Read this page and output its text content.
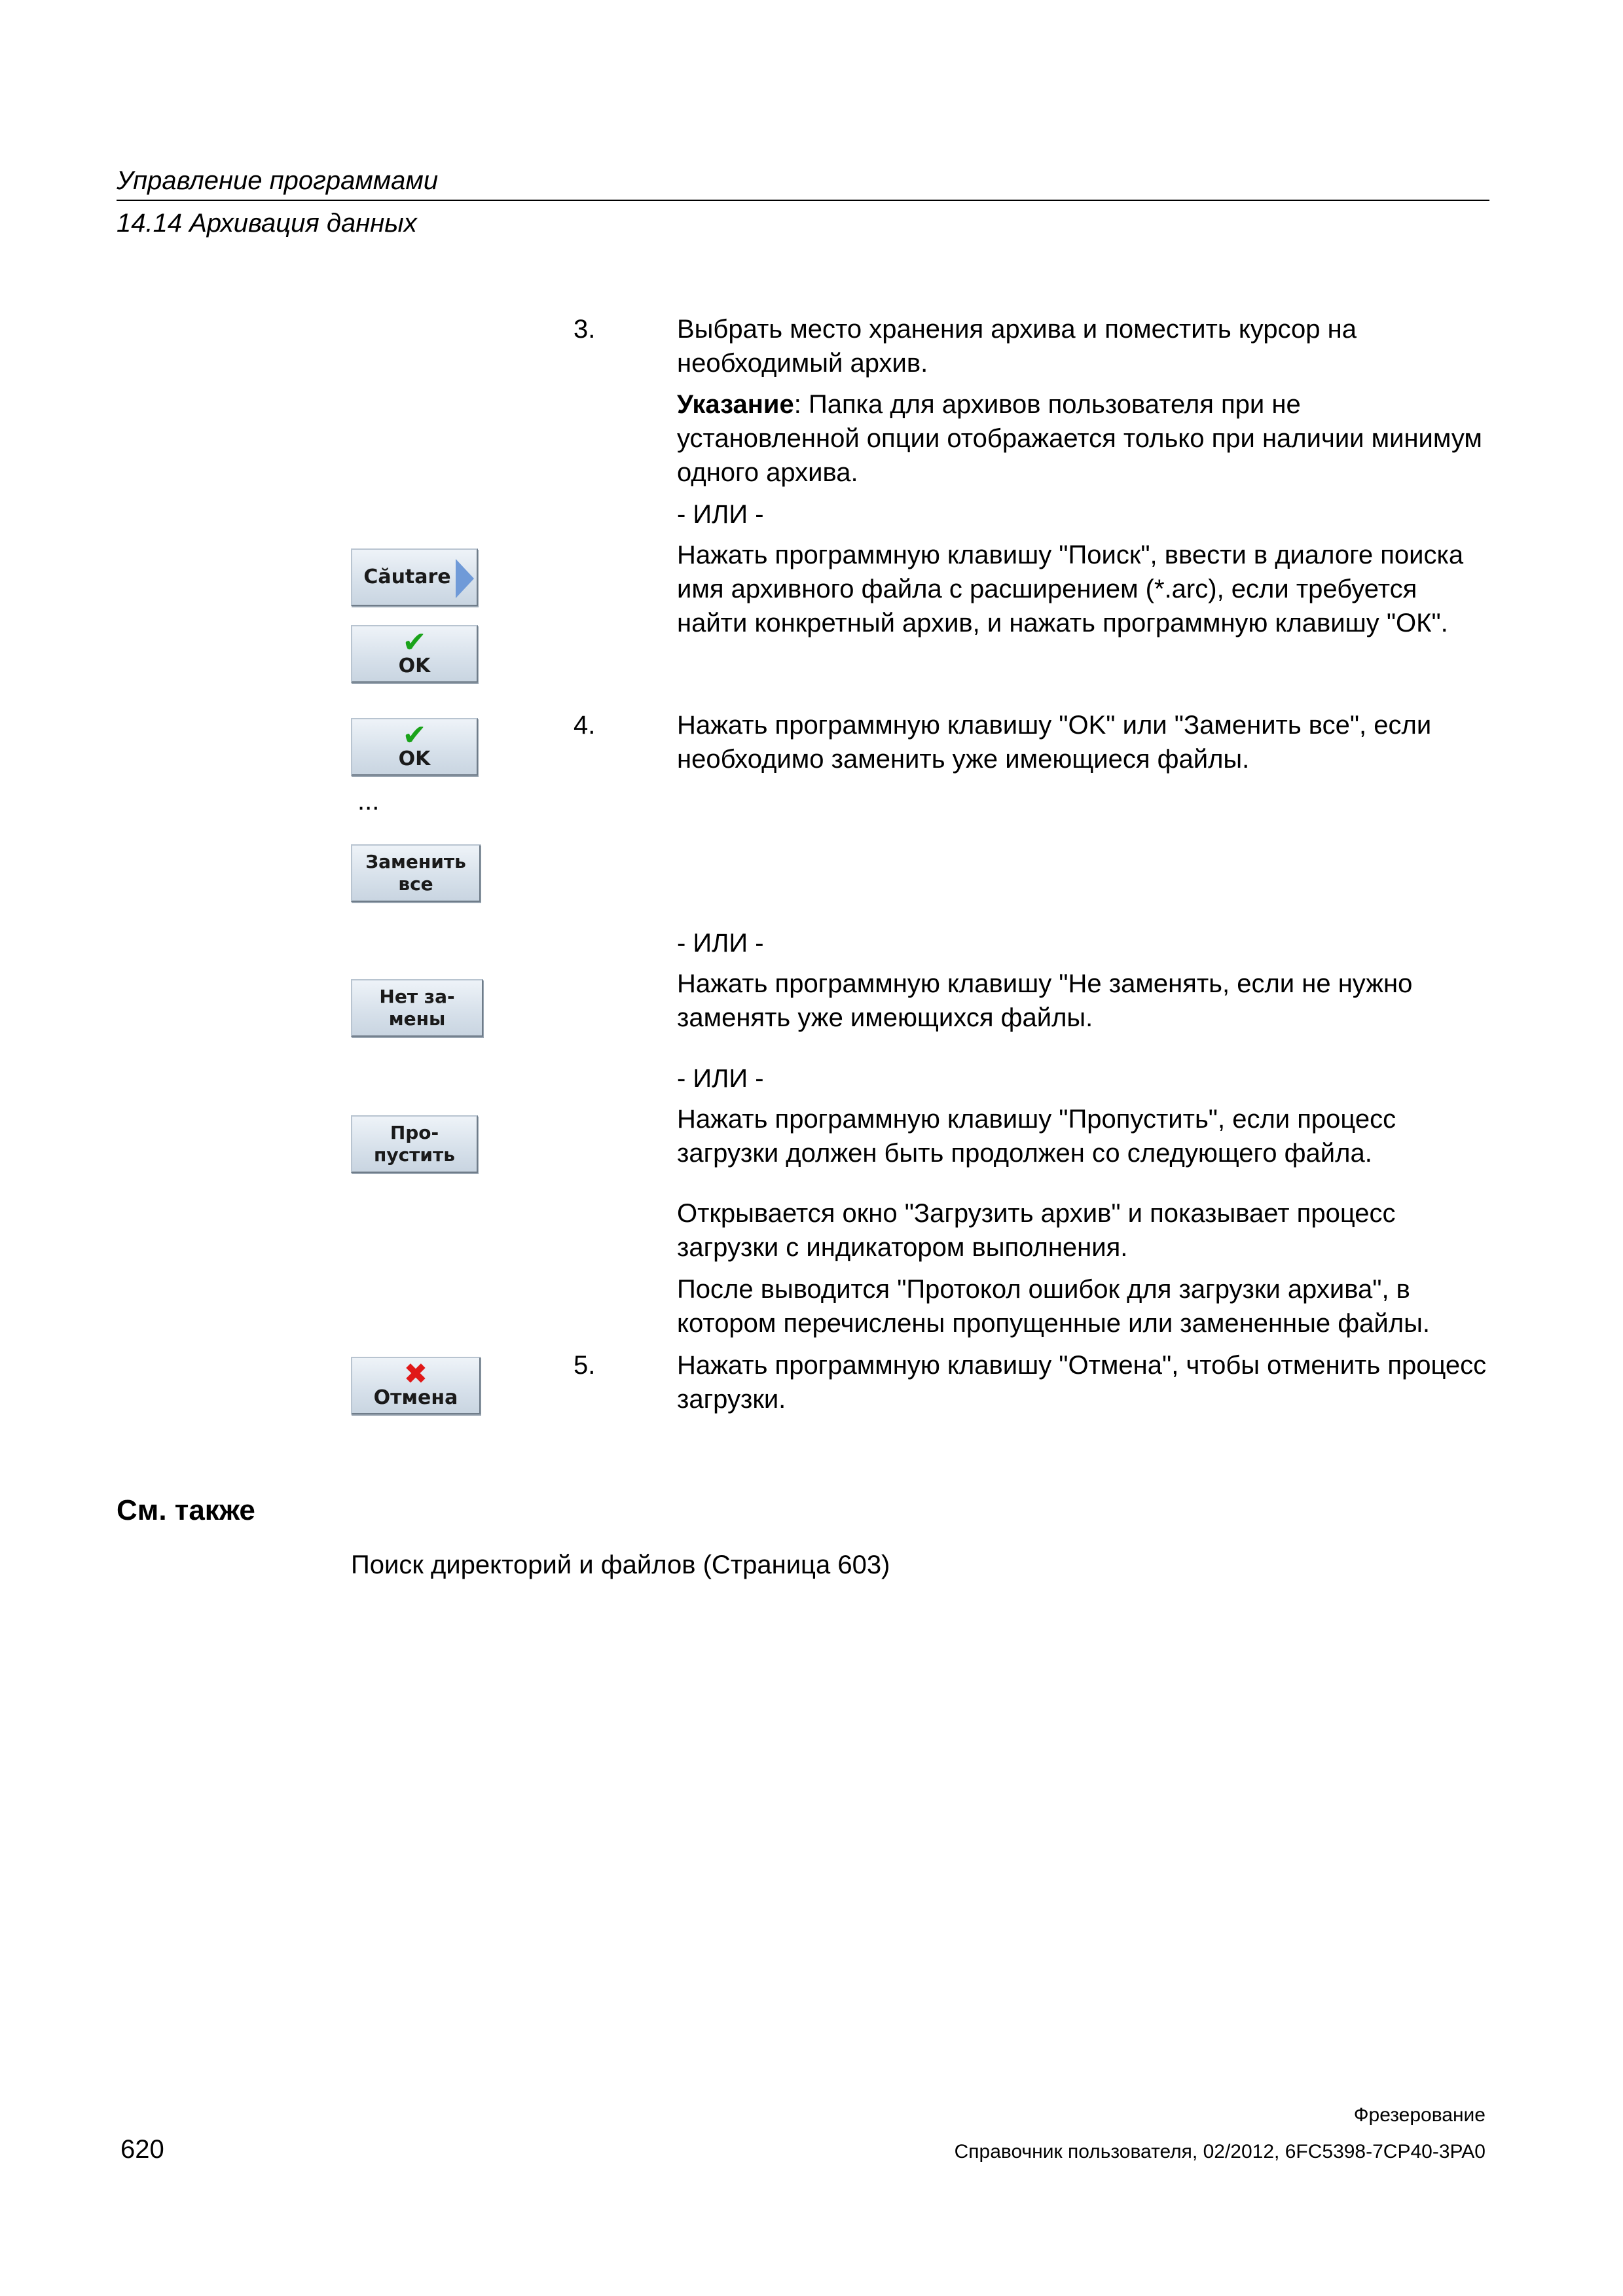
Управление программами
14.14 Архивация данных
3.	Выбрать место хранения архива и поместить курсор на необходимый архив.

Указание: Папка для архивов пользователя при не установленной опции отображается только при наличии минимум одного архива.

- ИЛИ -
Нажать программную клавишу "Поиск", ввести в диалоге поиска имя архивного файла с расширением (*.arc), если требуется найти конкретный архив, и нажать программную клавишу "ОК".
4.	Нажать программную клавишу "OK" или "Заменить все", если необходимо заменить уже имеющиеся файлы.
- ИЛИ -
Нажать программную клавишу "Не заменять, если не нужно заменять уже имеющихся файлы.
- ИЛИ -
Нажать программную клавишу "Пропустить", если процесс загрузки должен быть продолжен со следующего файла.
Открывается окно "Загрузить архив" и показывает процесс загрузки с индикатором выполнения.
После выводится "Протокол ошибок для загрузки архива", в котором перечислены пропущенные или замененные файлы.
5.	Нажать программную клавишу "Отмена", чтобы отменить процесс загрузки.
Căutare
✔
OK
✔
OK
...
Заменить
все
Нет за-
мены
Про-
пустить
✖
Отмена
См. также
Поиск директорий и файлов (Страница 603)
620
Фрезерование
Справочник пользователя, 02/2012, 6FC5398-7CP40-3PA0
